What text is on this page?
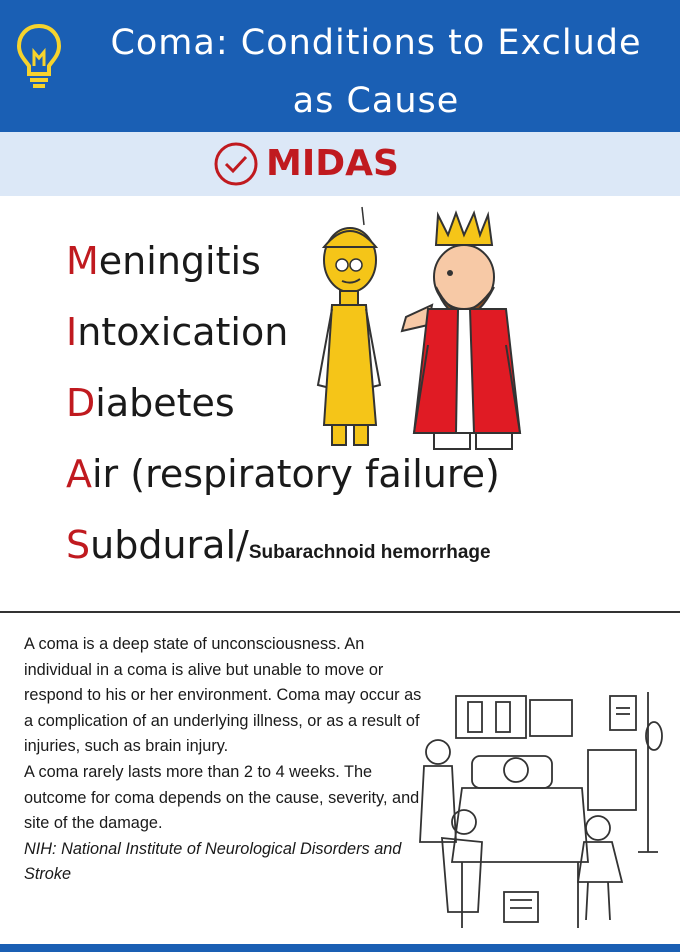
Coma: Conditions to Exclude
as Cause
MIDAS
Meningitis
Intoxication
Diabetes
Air (respiratory failure)
Subdural/Subarachnoid hemorrhage

A coma is a deep state of unconsciousness. An individual in a coma is alive but unable to move or respond to his or her environment. Coma may occur as a complication of an underlying illness, or as a result of injuries, such as brain injury.

A coma rarely lasts more than 2 to 4 weeks. The outcome for coma depends on the cause, severity, and site of the damage.

NIH: National Institute of Neurological Disorders and Stroke
